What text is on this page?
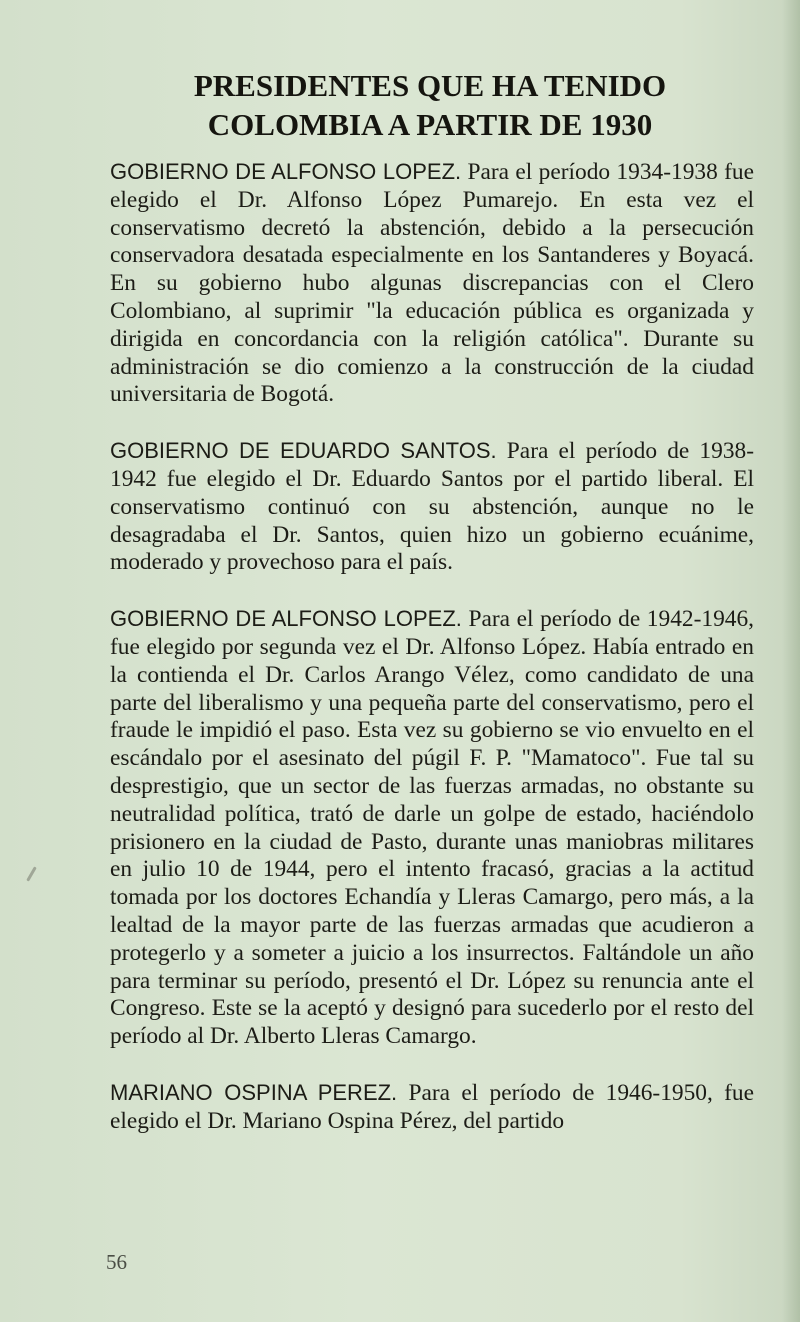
PRESIDENTES QUE HA TENIDO
COLOMBIA A PARTIR DE 1930

GOBIERNO DE ALFONSO LOPEZ. Para el período 1934-1938 fue elegido el Dr. Alfonso López Pumarejo. En esta vez el conservatismo decretó la abstención, debido a la persecución conservadora desatada especialmente en los Santanderes y Boyacá. En su gobierno hubo algunas discrepancias con el Clero Colombiano, al suprimir "la educación pública es organizada y dirigida en concordancia con la religión católica". Durante su administración se dio comienzo a la construcción de la ciudad universitaria de Bogotá.

GOBIERNO DE EDUARDO SANTOS. Para el período de 1938-1942 fue elegido el Dr. Eduardo Santos por el partido liberal. El conservatismo continuó con su abstención, aunque no le desagradaba el Dr. Santos, quien hizo un gobierno ecuánime, moderado y provechoso para el país.

GOBIERNO DE ALFONSO LOPEZ. Para el período de 1942-1946, fue elegido por segunda vez el Dr. Alfonso López. Había entrado en la contienda el Dr. Carlos Arango Vélez, como candidato de una parte del liberalismo y una pequeña parte del conservatismo, pero el fraude le impidió el paso. Esta vez su gobierno se vio envuelto en el escándalo por el asesinato del púgil F. P. "Mamatoco". Fue tal su desprestigio, que un sector de las fuerzas armadas, no obstante su neutralidad política, trató de darle un golpe de estado, haciéndolo prisionero en la ciudad de Pasto, durante unas maniobras militares en julio 10 de 1944, pero el intento fracasó, gracias a la actitud tomada por los doctores Echandía y Lleras Camargo, pero más, a la lealtad de la mayor parte de las fuerzas armadas que acudieron a protegerlo y a someter a juicio a los insurrectos. Faltándole un año para terminar su período, presentó el Dr. López su renuncia ante el Congreso. Este se la aceptó y designó para sucederlo por el resto del período al Dr. Alberto Lleras Camargo.

MARIANO OSPINA PEREZ. Para el período de 1946-1950, fue elegido el Dr. Mariano Ospina Pérez, del partido

56
